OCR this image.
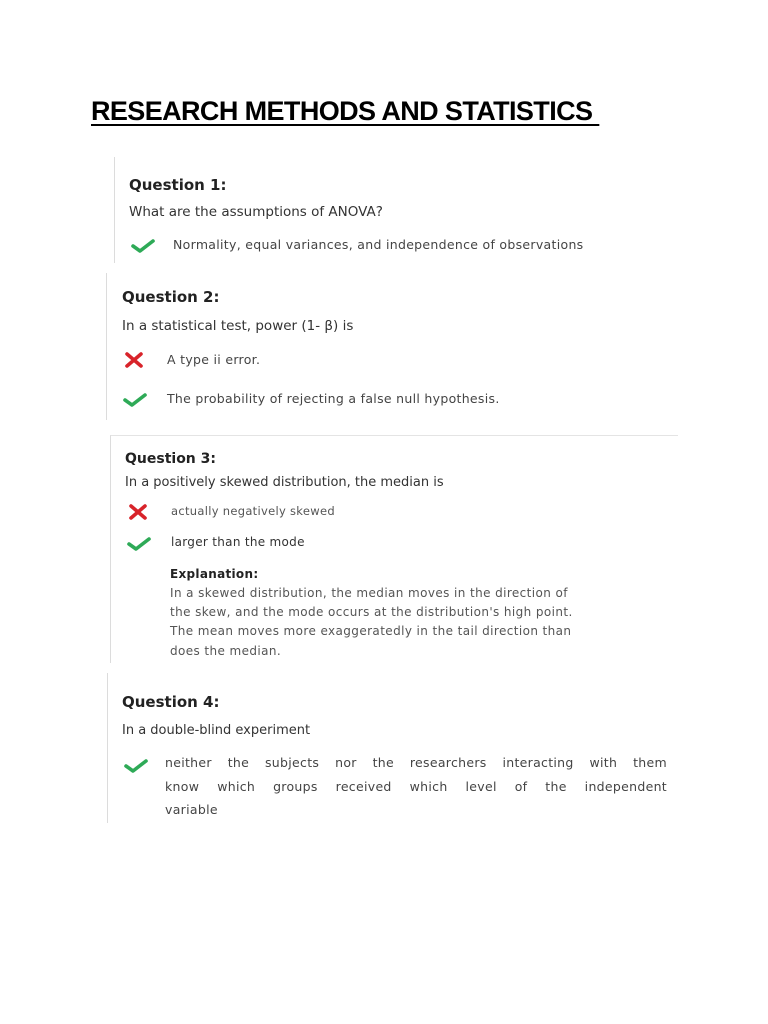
RESEARCH METHODS AND STATISTICS
Question 1:
What are the assumptions of ANOVA?
Normality, equal variances, and independence of observations
Question 2:
In a statistical test, power (1- β) is
A type ii error.
The probability of rejecting a false null hypothesis.
Question 3:
In a positively skewed distribution, the median is
actually negatively skewed
larger than the mode
Explanation:
In a skewed distribution, the median moves in the direction of
the skew, and the mode occurs at the distribution's high point.
The mean moves more exaggeratedly in the tail direction than
does the median.
Question 4:
In a double-blind experiment
neither the subjects nor the researchers interacting with them
know which groups received which level of the independent
variable
